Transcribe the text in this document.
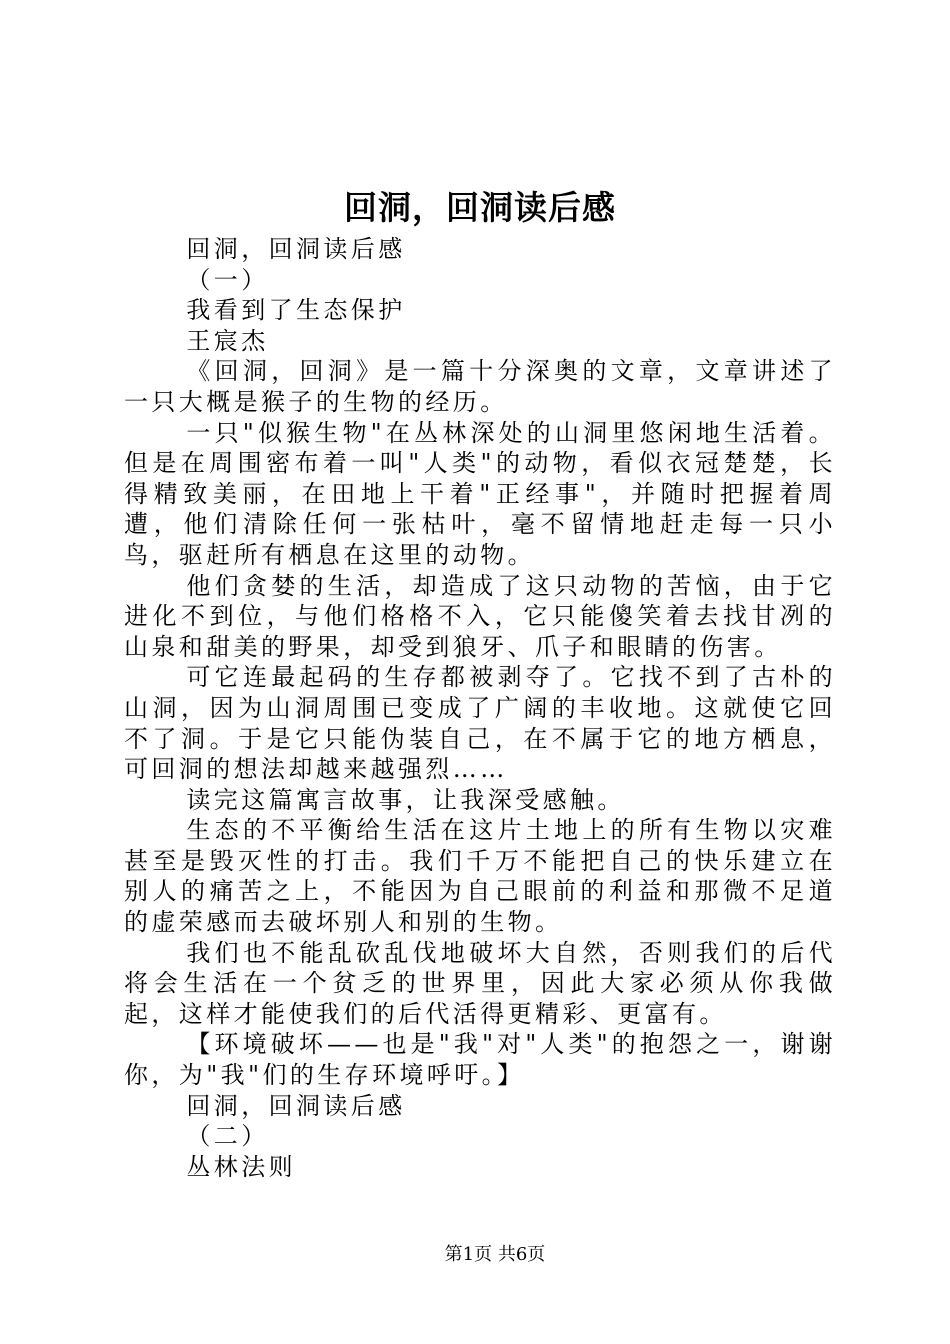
回洞，回洞读后感

回洞，回洞读后感

（一）

我看到了生态保护

王宸杰

《回洞，回洞》是一篇十分深奥的文章，文章讲述了一只大概是猴子的生物的经历。

一只"似猴生物"在丛林深处的山洞里悠闲地生活着。但是在周围密布着一叫"人类"的动物，看似衣冠楚楚，长得精致美丽，在田地上干着"正经事"，并随时把握着周遭，他们清除任何一张枯叶，毫不留情地赶走每一只小鸟，驱赶所有栖息在这里的动物。

他们贪婪的生活，却造成了这只动物的苦恼，由于它进化不到位，与他们格格不入，它只能傻笑着去找甘冽的山泉和甜美的野果，却受到狼牙、爪子和眼睛的伤害。

可它连最起码的生存都被剥夺了。它找不到了古朴的山洞，因为山洞周围已变成了广阔的丰收地。这就使它回不了洞。于是它只能伪装自己，在不属于它的地方栖息，可回洞的想法却越来越强烈……

读完这篇寓言故事，让我深受感触。

生态的不平衡给生活在这片土地上的所有生物以灾难甚至是毁灭性的打击。我们千万不能把自己的快乐建立在别人的痛苦之上，不能因为自己眼前的利益和那微不足道的虚荣感而去破坏别人和别的生物。

我们也不能乱砍乱伐地破坏大自然，否则我们的后代将会生活在一个贫乏的世界里，因此大家必须从你我做起，这样才能使我们的后代活得更精彩、更富有。

【环境破坏——也是"我"对"人类"的抱怨之一，谢谢你，为"我"们的生存环境呼吁。】

回洞，回洞读后感

（二）

丛林法则

第1页 共6页
